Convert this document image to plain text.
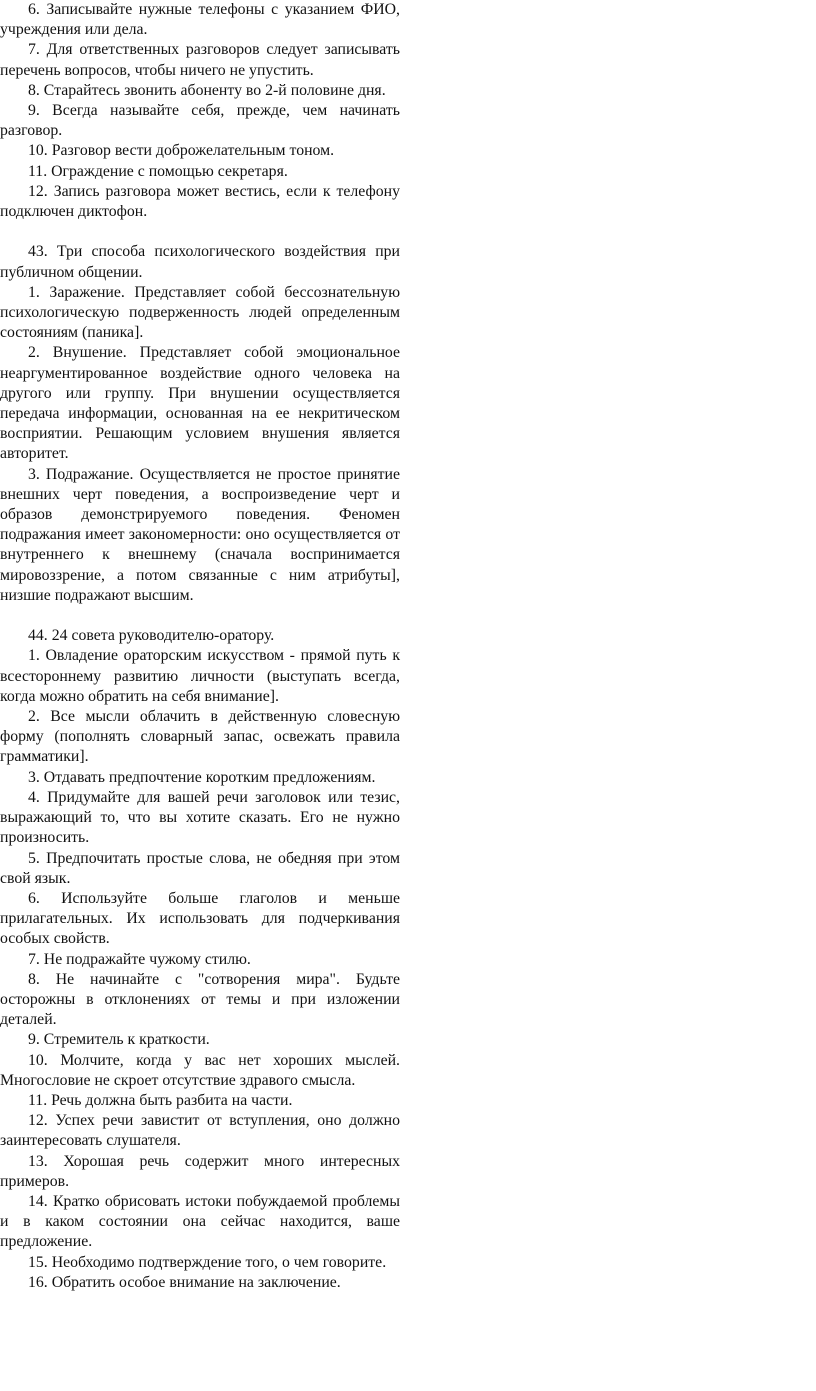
6. Записывайте нужные телефоны с указанием ФИО, учреждения или дела.

7. Для ответственных разговоров следует записывать перечень вопросов, чтобы ничего не упустить.

8. Старайтесь звонить абоненту во 2-й половине дня.

9. Всегда называйте себя, прежде, чем начинать разговор.

10. Разговор вести доброжелательным тоном.

11. Ограждение с помощью секретаря.

12. Запись разговора может вестись, если к телефону подключен диктофон.

43. Три способа психологического воздействия при публичном общении.

1. Заражение. Представляет собой бессознательную психологическую подверженность людей определенным состояниям (паника].

2. Внушение. Представляет собой эмоциональное неаргументированное воздействие одного человека на другого или группу. При внушении осуществляется передача информации, основанная на ее некритическом восприятии. Решающим условием внушения является авторитет.

3. Подражание. Осуществляется не простое принятие внешних черт поведения, а воспроизведение черт и образов демонстрируемого поведения. Феномен подражания имеет закономерности: оно осуществляется от внутреннего к внешнему (сначала воспринимается мировоззрение, а потом связанные с ним атрибуты], низшие подражают высшим.

44. 24 совета руководителю-оратору.

1. Овладение ораторским искусством - прямой путь к всестороннему развитию личности (выступать всегда, когда можно обратить на себя внимание].

2. Все мысли облачить в действенную словесную форму (пополнять словарный запас, освежать правила грамматики].

3. Отдавать предпочтение коротким предложениям.

4. Придумайте для вашей речи заголовок или тезис, выражающий то, что вы хотите сказать. Его не нужно произносить.

5. Предпочитать простые слова, не обедняя при этом свой язык.

6. Используйте больше глаголов и меньше прилагательных. Их использовать для подчеркивания особых свойств.

7. Не подражайте чужому стилю.

8. Не начинайте с "сотворения мира". Будьте осторожны в отклонениях от темы и при изложении деталей.

9. Стремитель к краткости.

10. Молчите, когда у вас нет хороших мыслей. Многословие не скроет отсутствие здравого смысла.

11. Речь должна быть разбита на части.

12. Успех речи завистит от вступления, оно должно заинтересовать слушателя.

13. Хорошая речь содержит много интересных примеров.

14. Кратко обрисовать истоки побуждаемой проблемы и в каком состоянии она сейчас находится, ваше предложение.

15. Необходимо подтверждение того, о чем говорите.

16. Обратить особое внимание на заключение.
